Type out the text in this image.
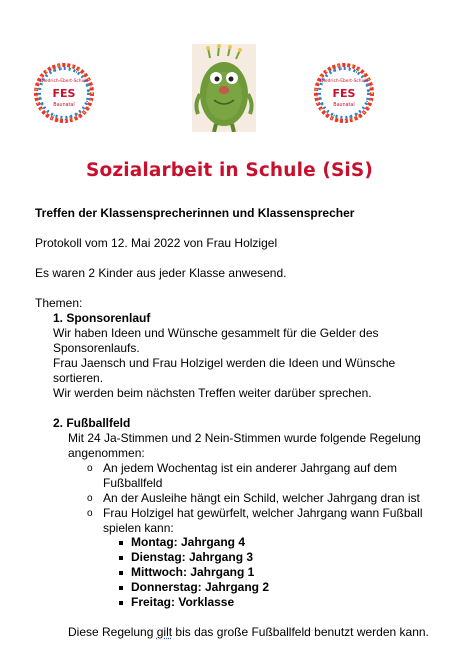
Friedrich-Ebert-Schule
FES
Baunatal
Friedrich-Ebert-Schule
FES
Baunatal
Sozialarbeit in Schule (SiS)

Treffen der Klassensprecherinnen und Klassensprecher

Protokoll vom 12. Mai 2022 von Frau Holzigel

Es waren 2 Kinder aus jeder Klasse anwesend.

Themen:

1. Sponsorenlauf

Wir haben Ideen und Wünsche gesammelt für die Gelder des

Sponsorenlaufs.

Frau Jaensch und Frau Holzigel werden die Ideen und Wünsche

sortieren.

Wir werden beim nächsten Treffen weiter darüber sprechen.

2. Fußballfeld

Mit 24 Ja-Stimmen und 2 Nein-Stimmen wurde folgende Regelung

angenommen:

o An jedem Wochentag ist ein anderer Jahrgang auf dem

Fußballfeld

o An der Ausleihe hängt ein Schild, welcher Jahrgang dran ist

o Frau Holzigel hat gewürfelt, welcher Jahrgang wann Fußball

spielen kann:

Montag: Jahrgang 4

Dienstag: Jahrgang 3

Mittwoch: Jahrgang 1

Donnerstag: Jahrgang 2

Freitag: Vorklasse

Diese Regelung gilt bis das große Fußballfeld benutzt werden kann.
